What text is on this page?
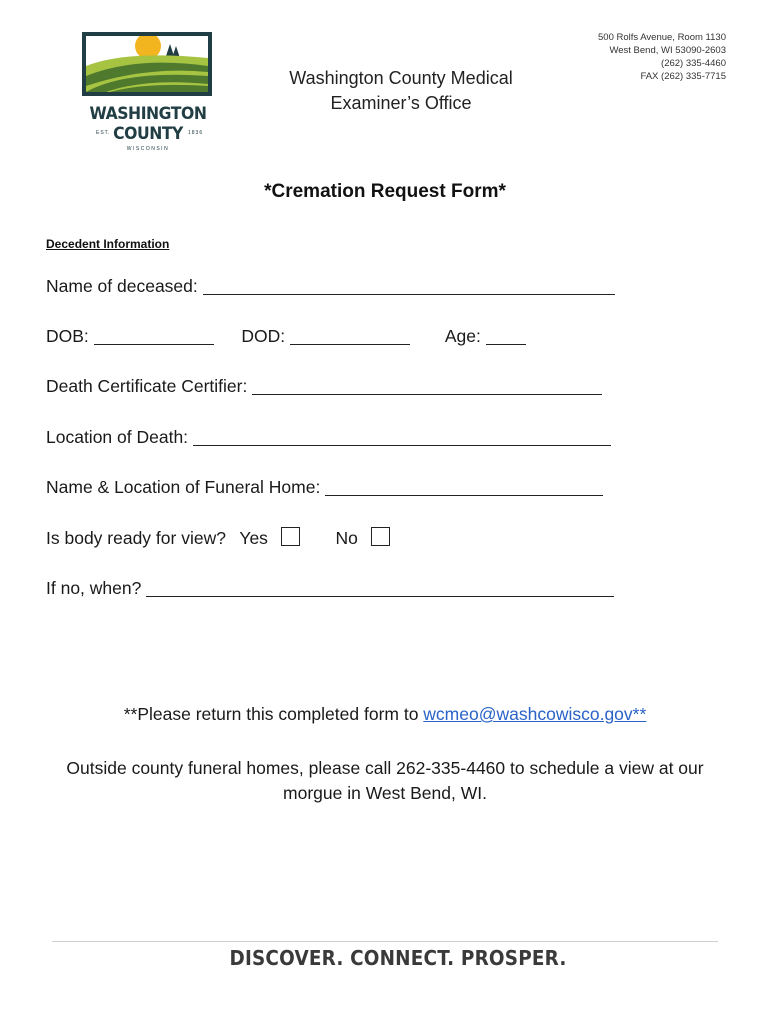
WASHINGTON
COUNTY
EST.	1836
WISCONSIN
Washington County Medical
Examiner’s Office
500 Rolfs Avenue, Room 1130
West Bend, WI 53090-2603
(262) 335-4460
FAX (262) 335-7715
*Cremation Request Form*
Decedent Information
Name of deceased:
DOB:	DOD:	Age:
Death Certificate Certifier:
Location of Death:
Name & Location of Funeral Home:
Is body ready for view? Yes	No
If no, when?
**Please return this completed form to wcmeo@washcowisco.gov**
Outside county funeral homes, please call 262-335-4460 to schedule a view at our
morgue in West Bend, WI.
DISCOVER. CONNECT. PROSPER.
